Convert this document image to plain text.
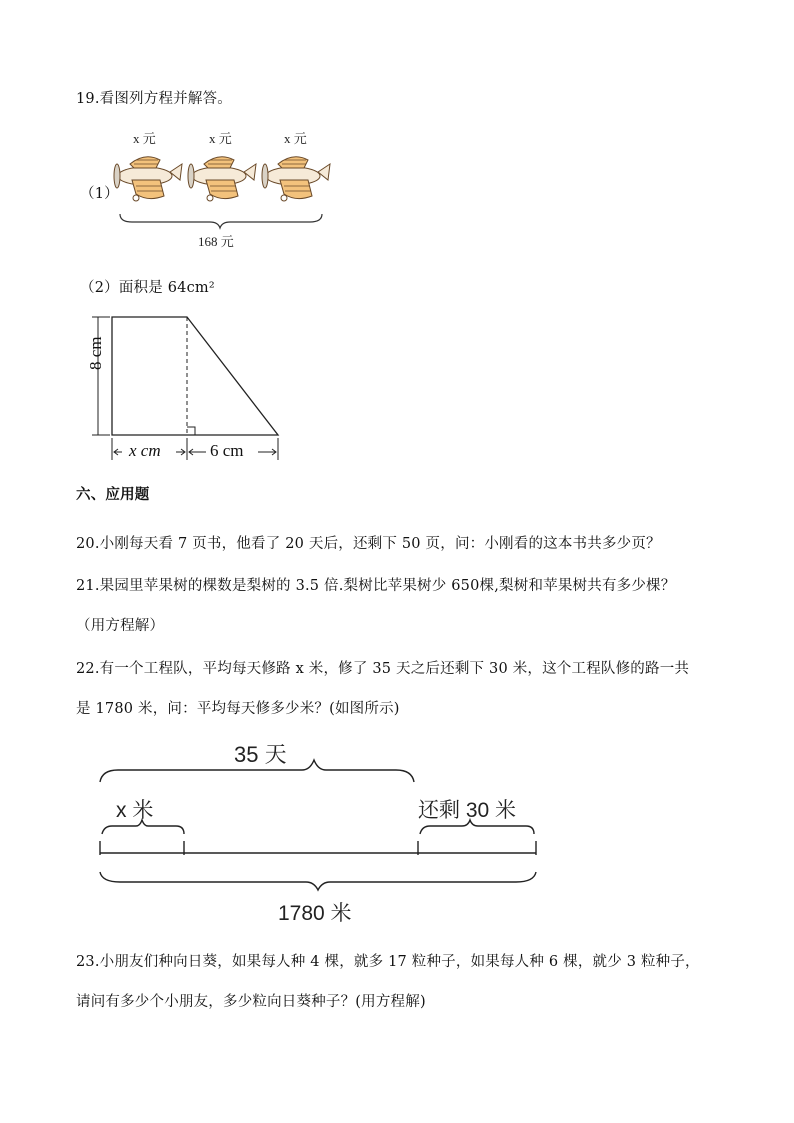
19.看图列方程并解答。
（1）
x 元	x 元	x 元
168 元
（2）面积是 64cm²
8 cm
x cm	6 cm
六、应用题
20.小刚每天看 7 页书，他看了 20 天后，还剩下 50 页，问：小刚看的这本书共多少页？
21.果园里苹果树的棵数是梨树的 3.5 倍.梨树比苹果树少 650棵,梨树和苹果树共有多少棵？
（用方程解）
22.有一个工程队，平均每天修路 x 米，修了 35 天之后还剩下 30 米，这个工程队修的路一共
是 1780 米，问：平均每天修多少米？(如图所示)
35 天
x 米	还剩 30 米
1780 米
23.小朋友们种向日葵，如果每人种 4 棵，就多 17 粒种子，如果每人种 6 棵，就少 3 粒种子，
请问有多少个小朋友，多少粒向日葵种子？(用方程解)
